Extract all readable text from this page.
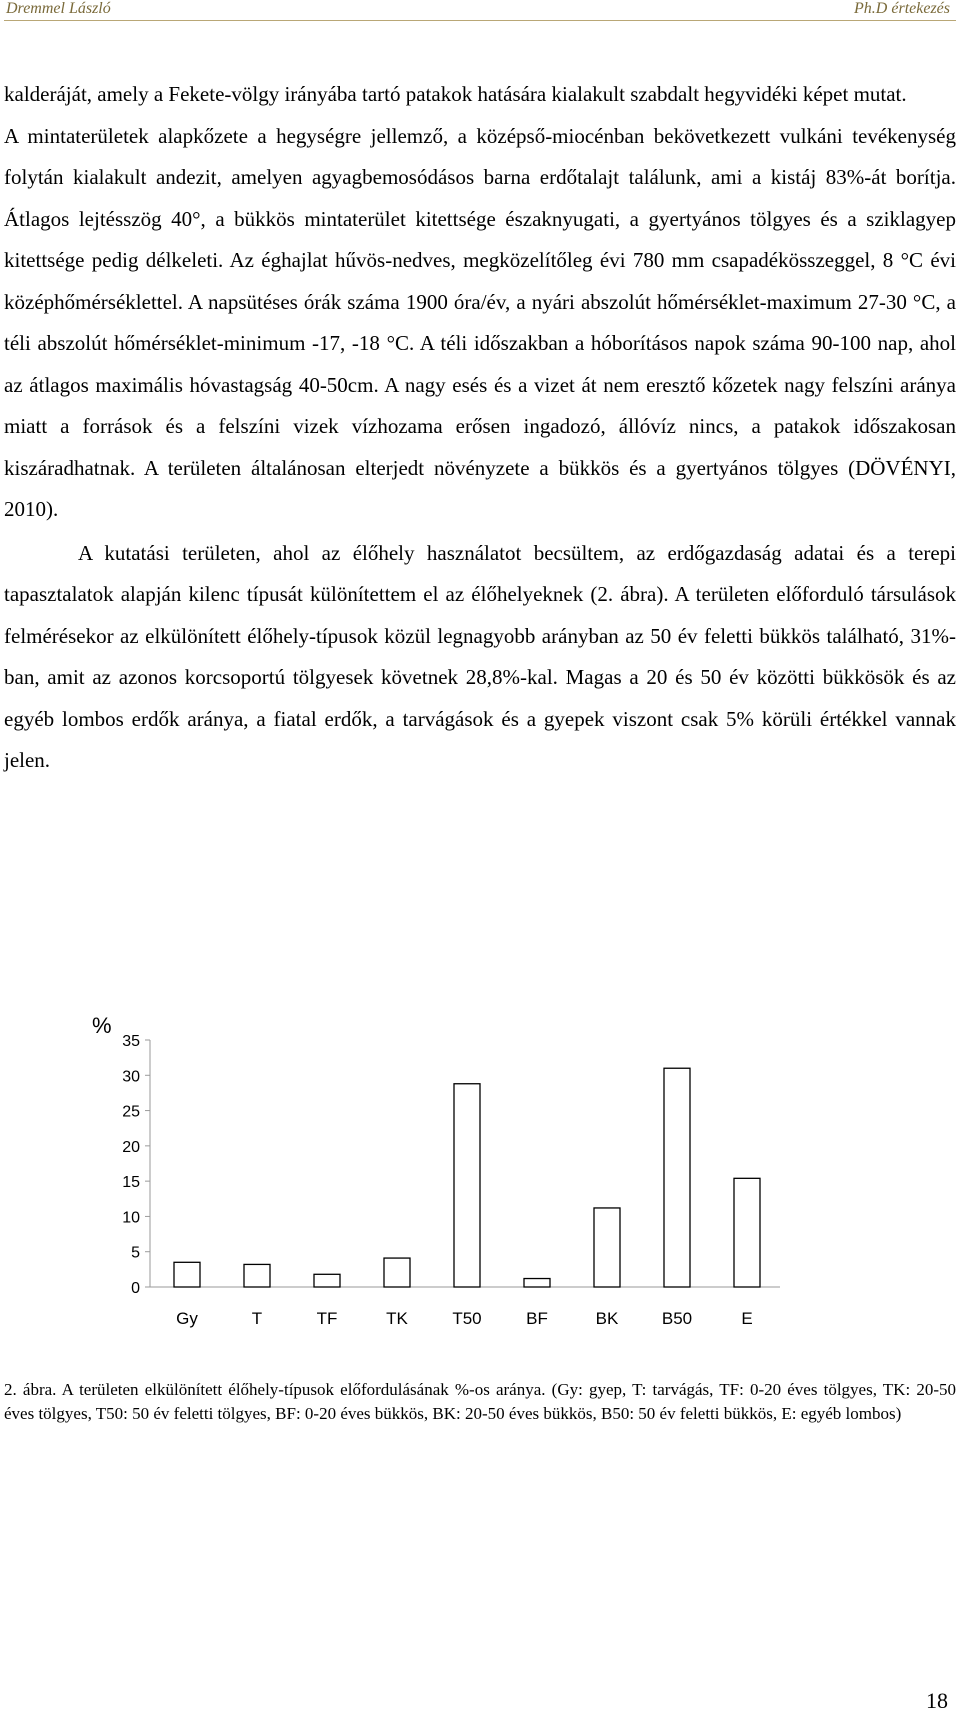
Dremmel László	Ph.D értekezés

kalderáját, amely a Fekete-völgy irányába tartó patakok hatására kialakult szabdalt hegyvidéki képet mutat.

A mintaterületek alapkőzete a hegységre jellemző, a középső-miocénban bekövetkezett vulkáni tevékenység folytán kialakult andezit, amelyen agyagbemosódásos barna erdőtalajt találunk, ami a kistáj 83%-át borítja. Átlagos lejtésszög 40°, a bükkös mintaterület kitettsége északnyugati, a gyertyános tölgyes és a sziklagyep kitettsége pedig délkeleti. Az éghajlat hűvös-nedves, megközelítőleg évi 780 mm csapadékösszeggel, 8 °C évi középhőmérséklettel. A napsütéses órák száma 1900 óra/év, a nyári abszolút hőmérséklet-maximum 27-30 °C, a téli abszolút hőmérséklet-minimum -17, -18 °C. A téli időszakban a hóborításos napok száma 90-100 nap, ahol az átlagos maximális hóvastagság 40-50cm. A nagy esés és a vizet át nem eresztő kőzetek nagy felszíni aránya miatt a források és a felszíni vizek vízhozama erősen ingadozó, állóvíz nincs, a patakok időszakosan kiszáradhatnak. A területen általánosan elterjedt növényzete a bükkös és a gyertyános tölgyes (DÖVÉNYI, 2010).

A kutatási területen, ahol az élőhely használatot becsültem, az erdőgazdaság adatai és a terepi tapasztalatok alapján kilenc típusát különítettem el az élőhelyeknek (2. ábra). A területen előforduló társulások felmérésekor az elkülönített élőhely-típusok közül legnagyobb arányban az 50 év feletti bükkös található, 31%-ban, amit az azonos korcsoportú tölgyesek követnek 28,8%-kal. Magas a 20 és 50 év közötti bükkösök és az egyéb lombos erdők aránya, a fiatal erdők, a tarvágások és a gyepek viszont csak 5% körüli értékkel vannak jelen.

0
5
10
15
20
25
30
35
%
Gy	T	TF	TK	T50	BF	BK	B50	E
2. ábra. A területen elkülönített élőhely-típusok előfordulásának %-os aránya. (Gy: gyep, T: tarvágás, TF: 0-20 éves tölgyes, TK: 20-50 éves tölgyes, T50: 50 év feletti tölgyes, BF: 0-20 éves bükkös, BK: 20-50 éves bükkös, B50: 50 év feletti bükkös, E: egyéb lombos)
18
